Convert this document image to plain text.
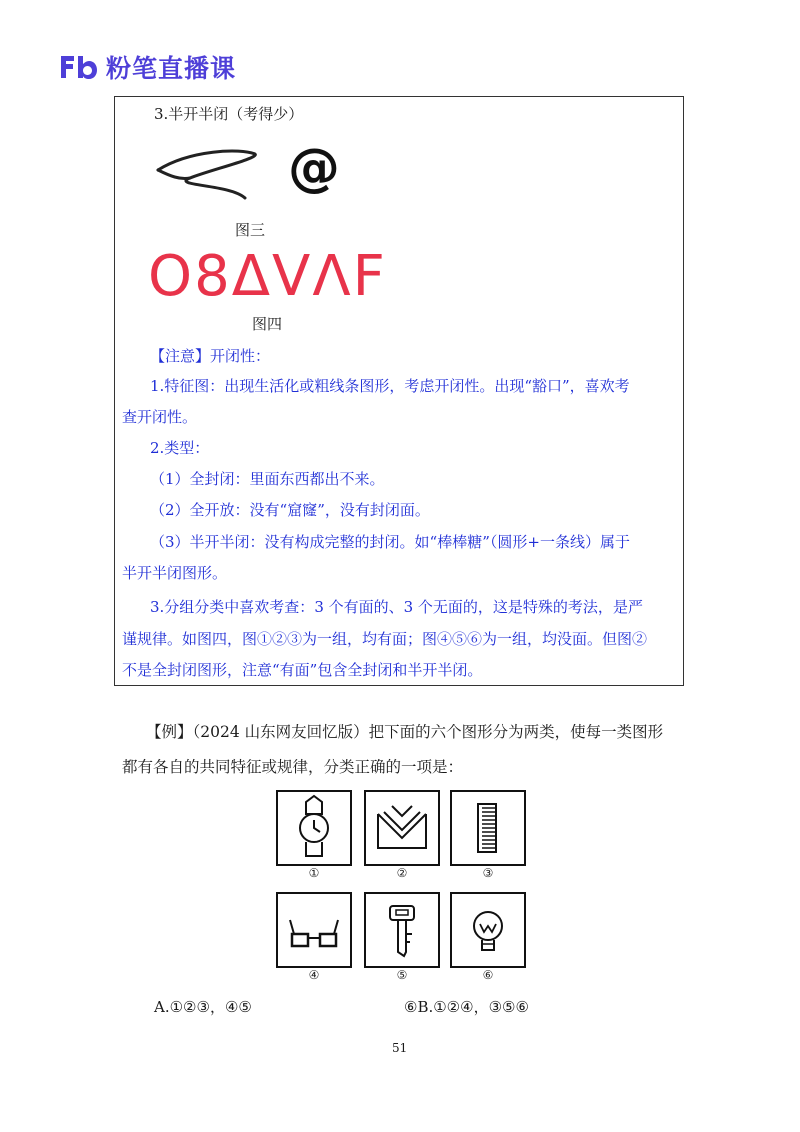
粉笔直播课
3.半开半闭（考得少）
@
图三
O8ΔVΛF
图四
【注意】开闭性：
1.特征图：出现生活化或粗线条图形，考虑开闭性。出现“豁口”，喜欢考
查开闭性。
2.类型：
（1）全封闭：里面东西都出不来。
（2）全开放：没有“窟窿”，没有封闭面。
（3）半开半闭：没有构成完整的封闭。如“棒棒糖”（圆形+一条线）属于
半开半闭图形。
3.分组分类中喜欢考查：3 个有面的、3 个无面的，这是特殊的考法，是严
谨规律。如图四，图①②③为一组，均有面；图④⑤⑥为一组，均没面。但图②
不是全封闭图形，注意“有面”包含全封闭和半开半闭。
【例】（2024 山东网友回忆版）把下面的六个图形分为两类，使每一类图形
都有各自的共同特征或规律，分类正确的一项是：
①	②	③
④	⑤	⑥
A.①②③，④⑤	⑥B.①②④，③⑤⑥
51
